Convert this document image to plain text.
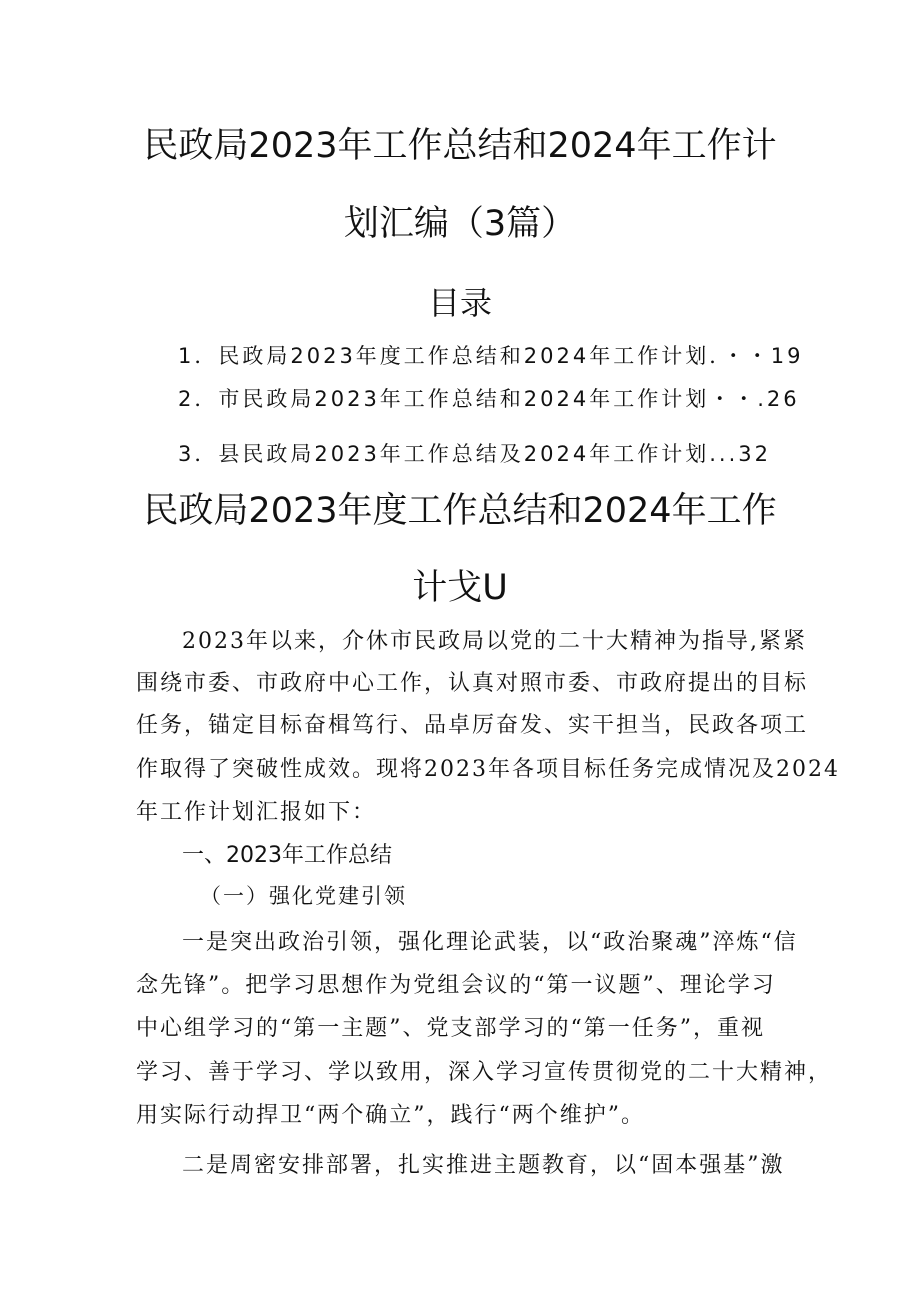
民政局2023年工作总结和2024年工作计
划汇编（3篇）
目录
1．民政局2023年度工作总结和2024年工作计划．・・19
2．市民政局2023年工作总结和2024年工作计划・・.26
3．县民政局2023年工作总结及2024年工作计划...32
民政局2023年度工作总结和2024年工作
计戈U
2023年以来，介休市民政局以党的二十大精神为指导,紧紧
围绕市委、市政府中心工作，认真对照市委、市政府提出的目标
任务，锚定目标奋楫笃行、品卓厉奋发、实干担当，民政各项工
作取得了突破性成效。现将2023年各项目标任务完成情况及2024
年工作计划汇报如下：
一、2023年工作总结
（一）强化党建引领
一是突出政治引领，强化理论武装，以“政治聚魂”淬炼“信
念先锋”。把学习思想作为党组会议的“第一议题”、理论学习
中心组学习的“第一主题”、党支部学习的“第一任务”，重视
学习、善于学习、学以致用，深入学习宣传贯彻党的二十大精神，
用实际行动捍卫“两个确立”，践行“两个维护”。
二是周密安排部署，扎实推进主题教育，以“固本强基”激
